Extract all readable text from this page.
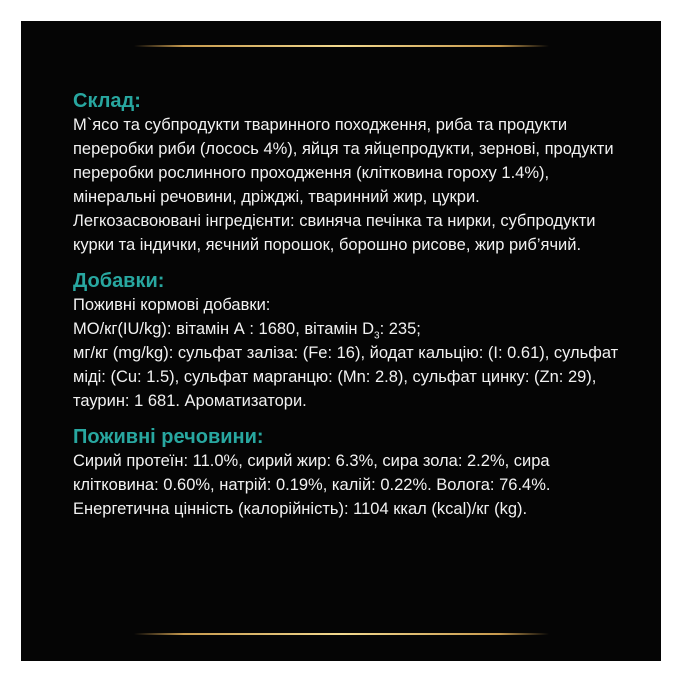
Склад:

М`ясо та субпродукти тваринного походження, риба та продукти переробки риби (лосось 4%), яйця та яйцепродукти, зернові, продукти переробки рослинного проходження (клітковина гороху 1.4%), мінеральні речовини, дріжджі, тваринний жир, цукри.

Легкозасвоювані інгредієнти: свиняча печінка та нирки, субпродукти курки та індички, яєчний порошок, борошно рисове, жир риб’ячий.

Добавки:

Поживні кормові добавки:

МО/кг(IU/kg): вітамін А : 1680, вітамін $D_3$: 235;

мг/кг (mg/kg): сульфат заліза: (Fe: 16), йодат кальцію: (I: 0.61), сульфат міді: (Cu: 1.5), сульфат марганцю: (Mn: 2.8), сульфат цинку: (Zn: 29), таурин: 1 681. Ароматизатори.

Поживні речовини:

Сирий протеїн: 11.0%, сирий жир: 6.3%, сира зола: 2.2%, сира клітковина: 0.60%, натрій: 0.19%, калій: 0.22%. Волога: 76.4%.

Енергетична цінність (калорійність): 1104 ккал (kcal)/кг (kg).
